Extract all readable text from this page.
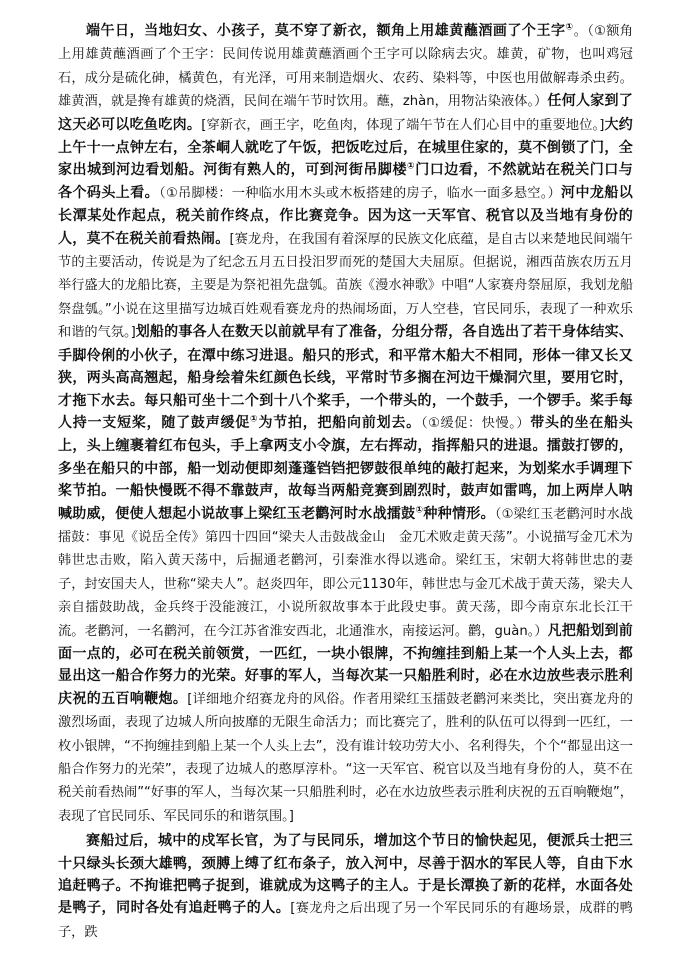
端午日，当地妇女、小孩子，莫不穿了新衣，额角上用雄黄蘸酒画了个王字①。（①额角上用雄黄蘸酒画了个王字：民间传说用雄黄蘸酒画个王字可以除病去灾。雄黄，矿物，也叫鸡冠石，成分是硫化砷，橘黄色，有光泽，可用来制造烟火、农药、染料等，中医也用做解毒杀虫药。雄黄酒，就是搀有雄黄的烧酒，民间在端午节时饮用。蘸，zhàn，用物沾染液体。）任何人家到了这天必可以吃鱼吃肉。[穿新衣，画王字，吃鱼肉，体现了端午节在人们心目中的重要地位。]大约上午十一点钟左右，全茶峒人就吃了午饭，把饭吃过后，在城里住家的，莫不倒锁了门，全家出城到河边看划船。河街有熟人的，可到河街吊脚楼①门口边看，不然就站在税关门口与各个码头上看。（①吊脚楼：一种临水用木头或木板搭建的房子，临水一面多悬空。）河中龙船以长潭某处作起点，税关前作终点，作比赛竞争。因为这一天军官、税官以及当地有身份的人，莫不在税关前看热闹。[赛龙舟，在我国有着深厚的民族文化底蕴，是自古以来楚地民间端午节的主要活动，传说是为了纪念五月五日投汨罗而死的楚国大夫屈原。但据说，湘西苗族农历五月举行盛大的龙船比赛，主要是为祭祀祖先盘瓠。苗族《漫水神歌》中唱“人家赛舟祭屈原，我划龙船祭盘瓠。”小说在这里描写边城百姓观看赛龙舟的热闹场面，万人空巷，官民同乐，表现了一种欢乐和谐的气氛。]划船的事各人在数天以前就早有了准备，分组分帮，各自选出了若干身体结实、手脚伶俐的小伙子，在潭中练习进退。船只的形式，和平常木船大不相同，形体一律又长又狭，两头高高翘起，船身绘着朱红颜色长线，平常时节多搁在河边干燥洞穴里，要用它时，才拖下水去。每只船可坐十二个到十八个桨手，一个带头的，一个鼓手，一个锣手。桨手每人持一支短桨，随了鼓声缓促①为节拍，把船向前划去。（①缓促：快慢。）带头的坐在船头上，头上缠裹着红布包头，手上拿两支小令旗，左右挥动，指挥船只的进退。擂鼓打锣的，多坐在船只的中部，船一划动便即刻蓬蓬铛铛把锣鼓很单纯的敲打起来，为划桨水手调理下桨节拍。一船快慢既不得不靠鼓声，故每当两船竞赛到剧烈时，鼓声如雷鸣，加上两岸人呐喊助威，便使人想起小说故事上梁红玉老鹳河时水战擂鼓①种种情形。（①梁红玉老鹳河时水战擂鼓：事见《说岳全传》第四十四回“梁夫人击鼓战金山　金兀术败走黄天荡”。小说描写金兀术为韩世忠击败，陷入黄天荡中，后掘通老鹳河，引秦淮水得以逃命。梁红玉，宋朝大将韩世忠的妻子，封安国夫人，世称“梁夫人”。赵炎四年，即公元1130年，韩世忠与金兀术战于黄天荡，梁夫人亲自擂鼓助战，金兵终于没能渡江，小说所叙故事本于此段史事。黄天荡，即今南京东北长江干流。老鹳河，一名鹳河，在今江苏省淮安西北，北通淮水，南接运河。鹳，guàn。）凡把船划到前面一点的，必可在税关前领赏，一匹红，一块小银牌，不拘缠挂到船上某一个人头上去，都显出这一船合作努力的光荣。好事的军人，当每次某一只船胜利时，必在水边放些表示胜利庆祝的五百响鞭炮。[详细地介绍赛龙舟的风俗。作者用梁红玉擂鼓老鹳河来类比，突出赛龙舟的激烈场面，表现了边城人所向披靡的无限生命活力；而比赛完了，胜利的队伍可以得到一匹红，一枚小银牌，“不拘缠挂到船上某一个人头上去”，没有谁计较功劳大小、名利得失，个个“都显出这一船合作努力的光荣”，表现了边城人的憨厚淳朴。“这一天军官、税官以及当地有身份的人，莫不在税关前看热闹”“好事的军人，当每次某一只船胜利时，必在水边放些表示胜利庆祝的五百响鞭炮”，表现了官民同乐、军民同乐的和谐氛围。]

赛船过后，城中的戍军长官，为了与民同乐，增加这个节日的愉快起见，便派兵士把三十只绿头长颈大雄鸭，颈膊上缚了红布条子，放入河中，尽善于泅水的军民人等，自由下水追赶鸭子。不拘谁把鸭子捉到，谁就成为这鸭子的主人。于是长潭换了新的花样，水面各处是鸭子，同时各处有追赶鸭子的人。[赛龙舟之后出现了另一个军民同乐的有趣场景，成群的鸭子，跌
